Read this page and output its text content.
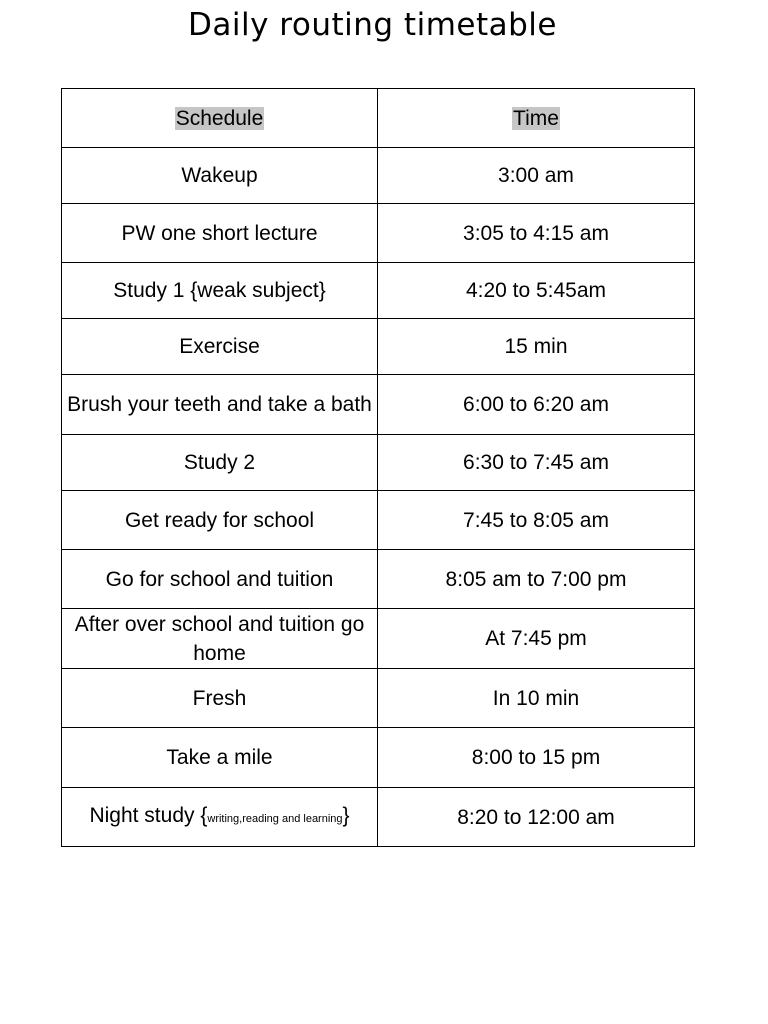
Daily routing timetable
Schedule	Time
Wakeup	3:00 am
PW one short lecture	3:05 to 4:15 am
Study 1 {weak subject}	4:20 to 5:45am
Exercise	15 min
Brush your teeth and take a bath	6:00 to 6:20 am
Study 2	6:30 to 7:45 am
Get ready for school	7:45 to 8:05 am
Go for school and tuition	8:05 am to 7:00 pm
After over school and tuition go home	At 7:45 pm
Fresh	In 10 min
Take a mile	8:00 to 15 pm
Night study {writing,reading and learning}	8:20 to 12:00 am
